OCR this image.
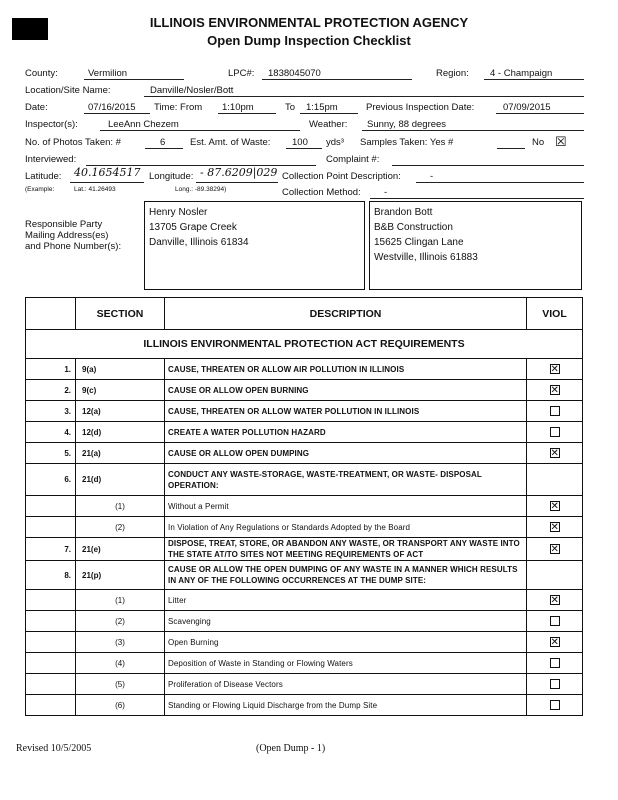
ILLINOIS ENVIRONMENTAL PROTECTION AGENCY
Open Dump Inspection Checklist
County:	Vermilion	LPC#: 1838045070	Region: 4 - Champaign
Location/Site Name:	Danville/Nosler/Bott
Date:	07/16/2015 Time: From 1:10pm	To 1:15pm	Previous Inspection Date:	07/09/2015
Inspector(s):	LeeAnn Chezem	Weather: Sunny, 88 degrees
No. of Photos Taken: #	6	Est. Amt. of Waste: 100 yds³ Samples Taken: Yes #	No ☒
Interviewed:	Complaint #:
Latitude: 40.1654517 Longitude: - 87.6209|029 Collection Point Description:	-
(Example:	Lat.: 41.26493	Long.: -89.38294)	Collection Method: -
Responsible Party
Mailing Address(es)
and Phone Number(s):
Henry Nosler
13705 Grape Creek
Danville, Illinois 61834
Brandon Bott
B&B Construction
15625 Clingan Lane
Westville, Illinois 61883
	SECTION	DESCRIPTION	VIOL
ILLINOIS ENVIRONMENTAL PROTECTION ACT REQUIREMENTS			
1.	9(a)	CAUSE, THREATEN OR ALLOW AIR POLLUTION IN ILLINOIS	✕
2.	9(c)	CAUSE OR ALLOW OPEN BURNING	✕
3.	12(a)	CAUSE, THREATEN OR ALLOW WATER POLLUTION IN ILLINOIS	
4.	12(d)	CREATE A WATER POLLUTION HAZARD	
5.	21(a)	CAUSE OR ALLOW OPEN DUMPING	✕
6.	21(d)	CONDUCT ANY WASTE-STORAGE, WASTE-TREATMENT, OR WASTE- DISPOSAL OPERATION:	
	(1)	Without a Permit	✕
	(2)	In Violation of Any Regulations or Standards Adopted by the Board	✕
7.	21(e)	DISPOSE, TREAT, STORE, OR ABANDON ANY WASTE, OR TRANSPORT ANY WASTE INTO THE STATE AT/TO SITES NOT MEETING REQUIREMENTS OF ACT	✕
8.	21(p)	CAUSE OR ALLOW THE OPEN DUMPING OF ANY WASTE IN A MANNER WHICH RESULTS IN ANY OF THE FOLLOWING OCCURRENCES AT THE DUMP SITE:	
	(1)	Litter	✕
	(2)	Scavenging	
	(3)	Open Burning	✕
	(4)	Deposition of Waste in Standing or Flowing Waters	
	(5)	Proliferation of Disease Vectors	
	(6)	Standing or Flowing Liquid Discharge from the Dump Site	
Revised 10/5/2005	(Open Dump - 1)
